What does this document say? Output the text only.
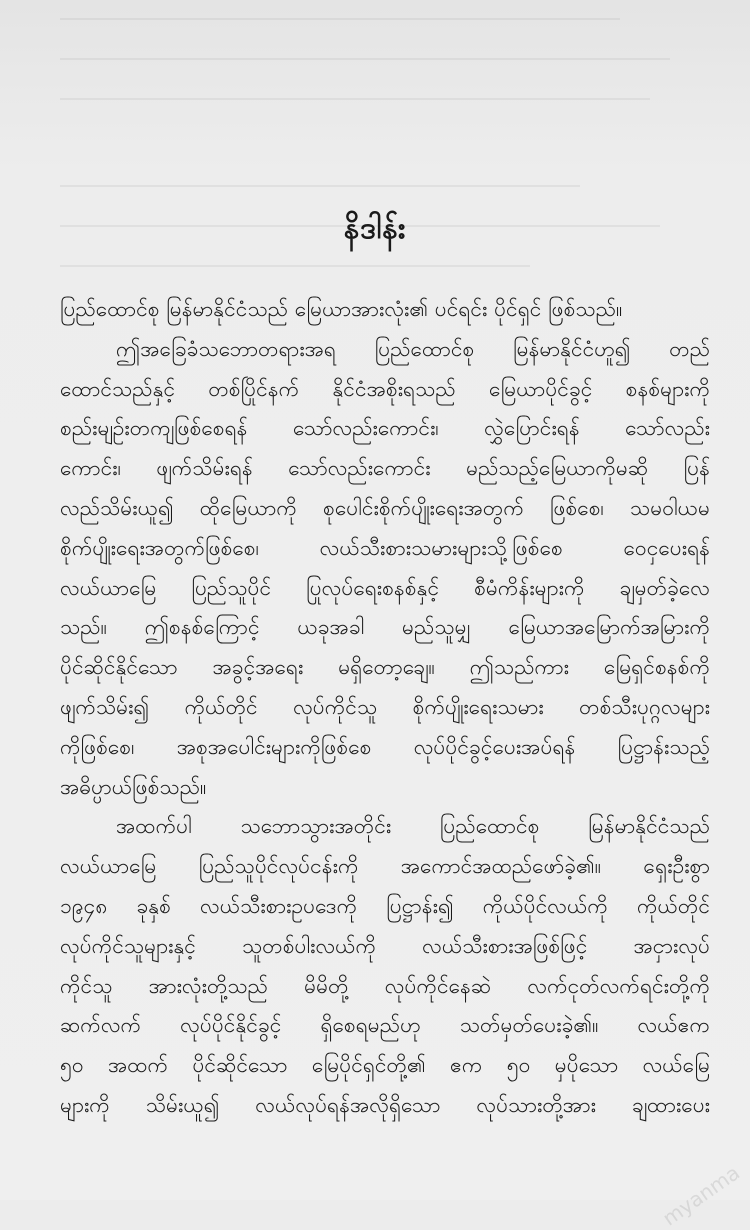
နိဒါန်း
ပြည်ထောင်စု မြန်မာနိုင်ငံသည် မြေယာအားလုံး၏ ပင်ရင်း ပိုင်ရှင် ဖြစ်သည်။
ဤအခြေခံသဘောတရားအရ ပြည်ထောင်စု မြန်မာနိုင်ငံဟူ၍ တည်
ထောင်သည်နှင့် တစ်ပြိုင်နက် နိုင်ငံအစိုးရသည် မြေယာပိုင်ခွင့် စနစ်များကို
စည်းမျဉ်းတကျဖြစ်စေရန် သော်လည်းကောင်း၊ လွှဲပြောင်းရန် သော်လည်း
ကောင်း၊ ဖျက်သိမ်းရန် သော်လည်းကောင်း မည်သည့်မြေယာကိုမဆို ပြန်
လည်သိမ်းယူ၍ ထိုမြေယာကို စုပေါင်းစိုက်ပျိုးရေးအတွက် ဖြစ်စေ၊ သမဝါယမ
စိုက်ပျိုးရေးအတွက်ဖြစ်စေ၊ လယ်သီးစားသမားများသို့ဖြစ်စေ ဝေငှပေးရန်
လယ်ယာမြေ ပြည်သူပိုင် ပြုလုပ်ရေးစနစ်နှင့် စီမံကိန်းများကို ချမှတ်ခဲ့လေ
သည်။ ဤစနစ်ကြောင့် ယခုအခါ မည်သူမျှ မြေယာအမြောက်အမြားကို
ပိုင်ဆိုင်နိုင်သော အခွင့်အရေး မရှိတော့ချေ။ ဤသည်ကား မြေရှင်စနစ်ကို
ဖျက်သိမ်း၍ ကိုယ်တိုင် လုပ်ကိုင်သူ စိုက်ပျိုးရေးသမား တစ်သီးပုဂ္ဂလများ
ကိုဖြစ်စေ၊ အစုအပေါင်းများကိုဖြစ်စေ လုပ်ပိုင်ခွင့်ပေးအပ်ရန် ပြဋ္ဌာန်းသည့်
အဓိပ္ပာယ်ဖြစ်သည်။
အထက်ပါ သဘောသွားအတိုင်း ပြည်ထောင်စု မြန်မာနိုင်ငံသည်
လယ်ယာမြေ ပြည်သူပိုင်လုပ်ငန်းကို အကောင်အထည်ဖော်ခဲ့၏။ ရှေးဦးစွာ
၁၉၄၈ ခုနှစ် လယ်သီးစားဥပဒေကို ပြဋ္ဌာန်း၍ ကိုယ်ပိုင်လယ်ကို ကိုယ်တိုင်
လုပ်ကိုင်သူများနှင့် သူတစ်ပါးလယ်ကို လယ်သီးစားအဖြစ်ဖြင့် အငှားလုပ်
ကိုင်သူ အားလုံးတို့သည် မိမိတို့ လုပ်ကိုင်နေဆဲ လက်ငုတ်လက်ရင်းတို့ကို
ဆက်လက် လုပ်ပိုင်နိုင်ခွင့် ရှိစေရမည်ဟု သတ်မှတ်ပေးခဲ့၏။ လယ်ဧက
၅၀ အထက် ပိုင်ဆိုင်သော မြေပိုင်ရှင်တို့၏ ဧက ၅၀ မှပိုသော လယ်မြေ
များကို သိမ်းယူ၍ လယ်လုပ်ရန်အလိုရှိသော လုပ်သားတို့အား ချထားပေး
myanma
